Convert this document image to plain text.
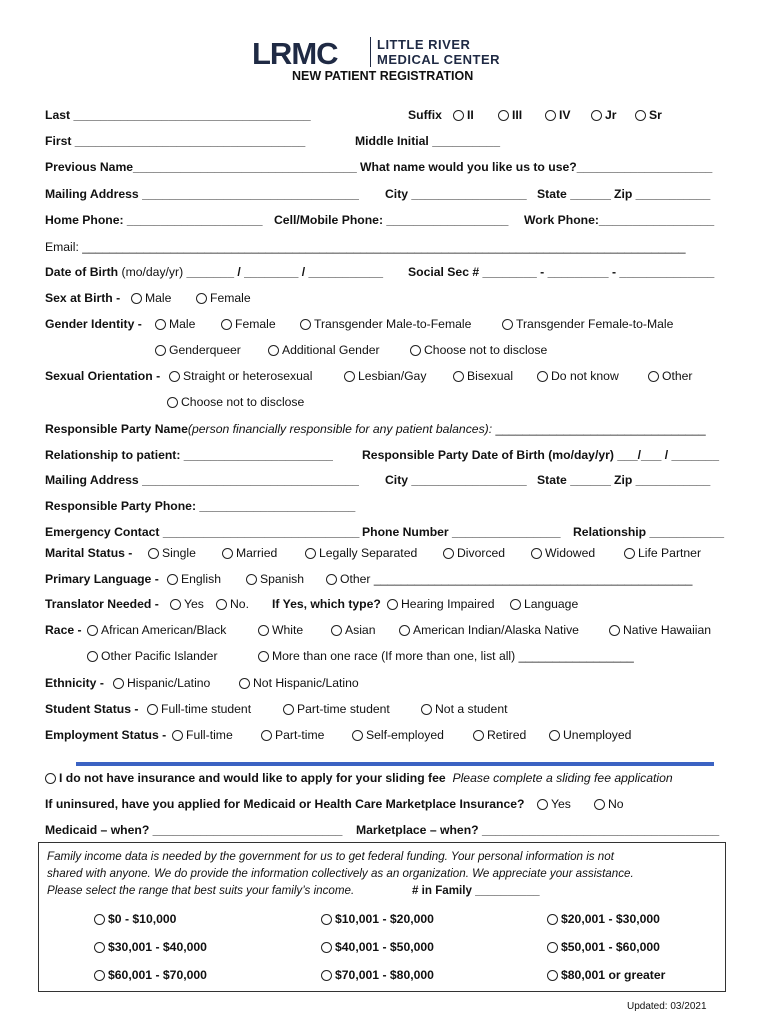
LRMC	LITTLE RIVER
MEDICAL CENTER
NEW PATIENT REGISTRATION
Last ___________________________________	Suffix	II	III	IV	Jr	Sr
First __________________________________	Middle Initial __________
Previous Name_________________________________ What name would you like us to use?____________________
Mailing Address ________________________________ City _________________ State ______ Zip ___________
Home Phone: ____________________ Cell/Mobile Phone: __________________ Work Phone:_________________
Email: _________________________________________________________________________________________
Date of Birth (mo/day/yr) _______ / ________ / ___________ Social Sec # ________ - _________ - ______________
Sex at Birth -	Male	Female
Gender Identity -	Male	Female	Transgender Male-to-Female	Transgender Female-to-Male
Genderqueer	Additional Gender	Choose not to disclose
Sexual Orientation -	Straight or heterosexual	Lesbian/Gay	Bisexual	Do not know	Other
Choose not to disclose
Responsible Party Name(person financially responsible for any patient balances): _______________________________
Relationship to patient: ______________________ Responsible Party Date of Birth (mo/day/yr) ___/___ / _______
Mailing Address ________________________________ City _________________ State ______ Zip ___________
Responsible Party Phone: _______________________
Emergency Contact _____________________________ Phone Number ________________ Relationship ___________
Marital Status -	Single	Married	Legally Separated	Divorced	Widowed	Life Partner
Primary Language -	English	Spanish	Other _______________________________________________
Translator Needed -	Yes	No. If Yes, which type?	Hearing Impaired	Language
Race -	African American/Black	White	Asian	American Indian/Alaska Native	Native Hawaiian
Other Pacific Islander	More than one race (If more than one, list all) _________________
Ethnicity -	Hispanic/Latino	Not Hispanic/Latino
Student Status -	Full-time student	Part-time student	Not a student
Employment Status -	Full-time	Part-time	Self-employed	Retired	Unemployed
I do not have insurance and would like to apply for your sliding fee Please complete a sliding fee application
If uninsured, have you applied for Medicaid or Health Care Marketplace Insurance?	Yes	No
Medicaid – when? ____________________________ Marketplace – when? ___________________________________
Family income data is needed by the government for us to get federal funding. Your personal information is not
shared with anyone. We do provide the information collectively as an organization. We appreciate your assistance.
Please select the range that best suits your family’s income.	# in Family __________
$0 - $10,000	$10,001 - $20,000	$20,001 - $30,000
$30,001 - $40,000	$40,001 - $50,000	$50,001 - $60,000
$60,001 - $70,000	$70,001 - $80,000	$80,001 or greater
Updated: 03/2021
